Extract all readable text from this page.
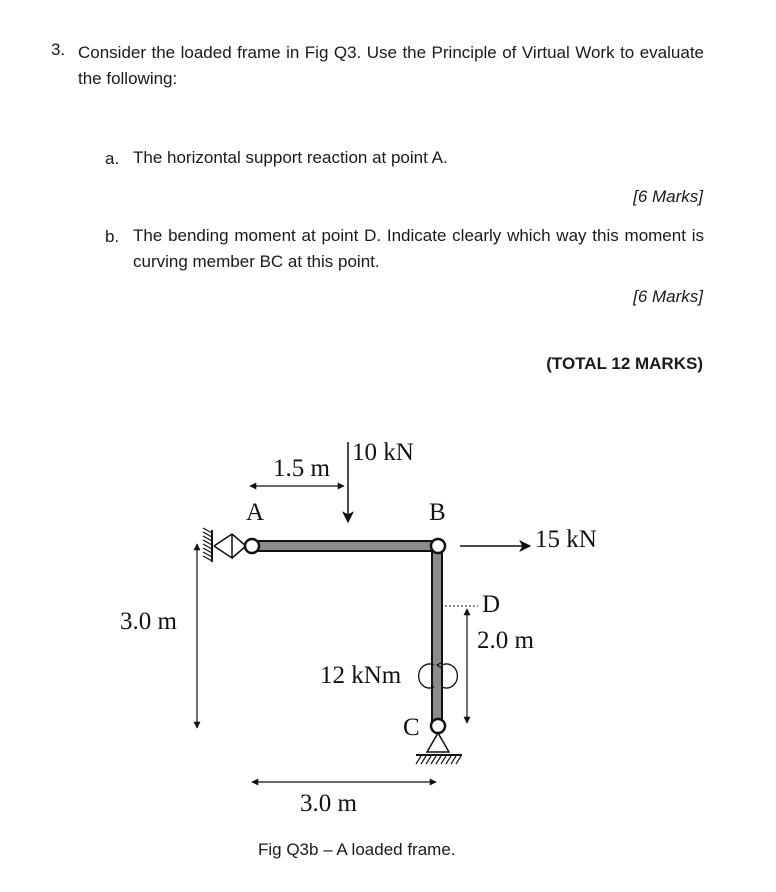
3. Consider the loaded frame in Fig Q3. Use the Principle of Virtual Work to evaluate the following:
a. The horizontal support reaction at point A.
[6 Marks]
b. The bending moment at point D. Indicate clearly which way this moment is curving member BC at this point.
[6 Marks]
(TOTAL 12 MARKS)
10 kN
1.5 m
A	B
C
D
15 kN
2.0 m
3.0 m
3.0 m
12 kNm
Fig Q3b – A loaded frame.
